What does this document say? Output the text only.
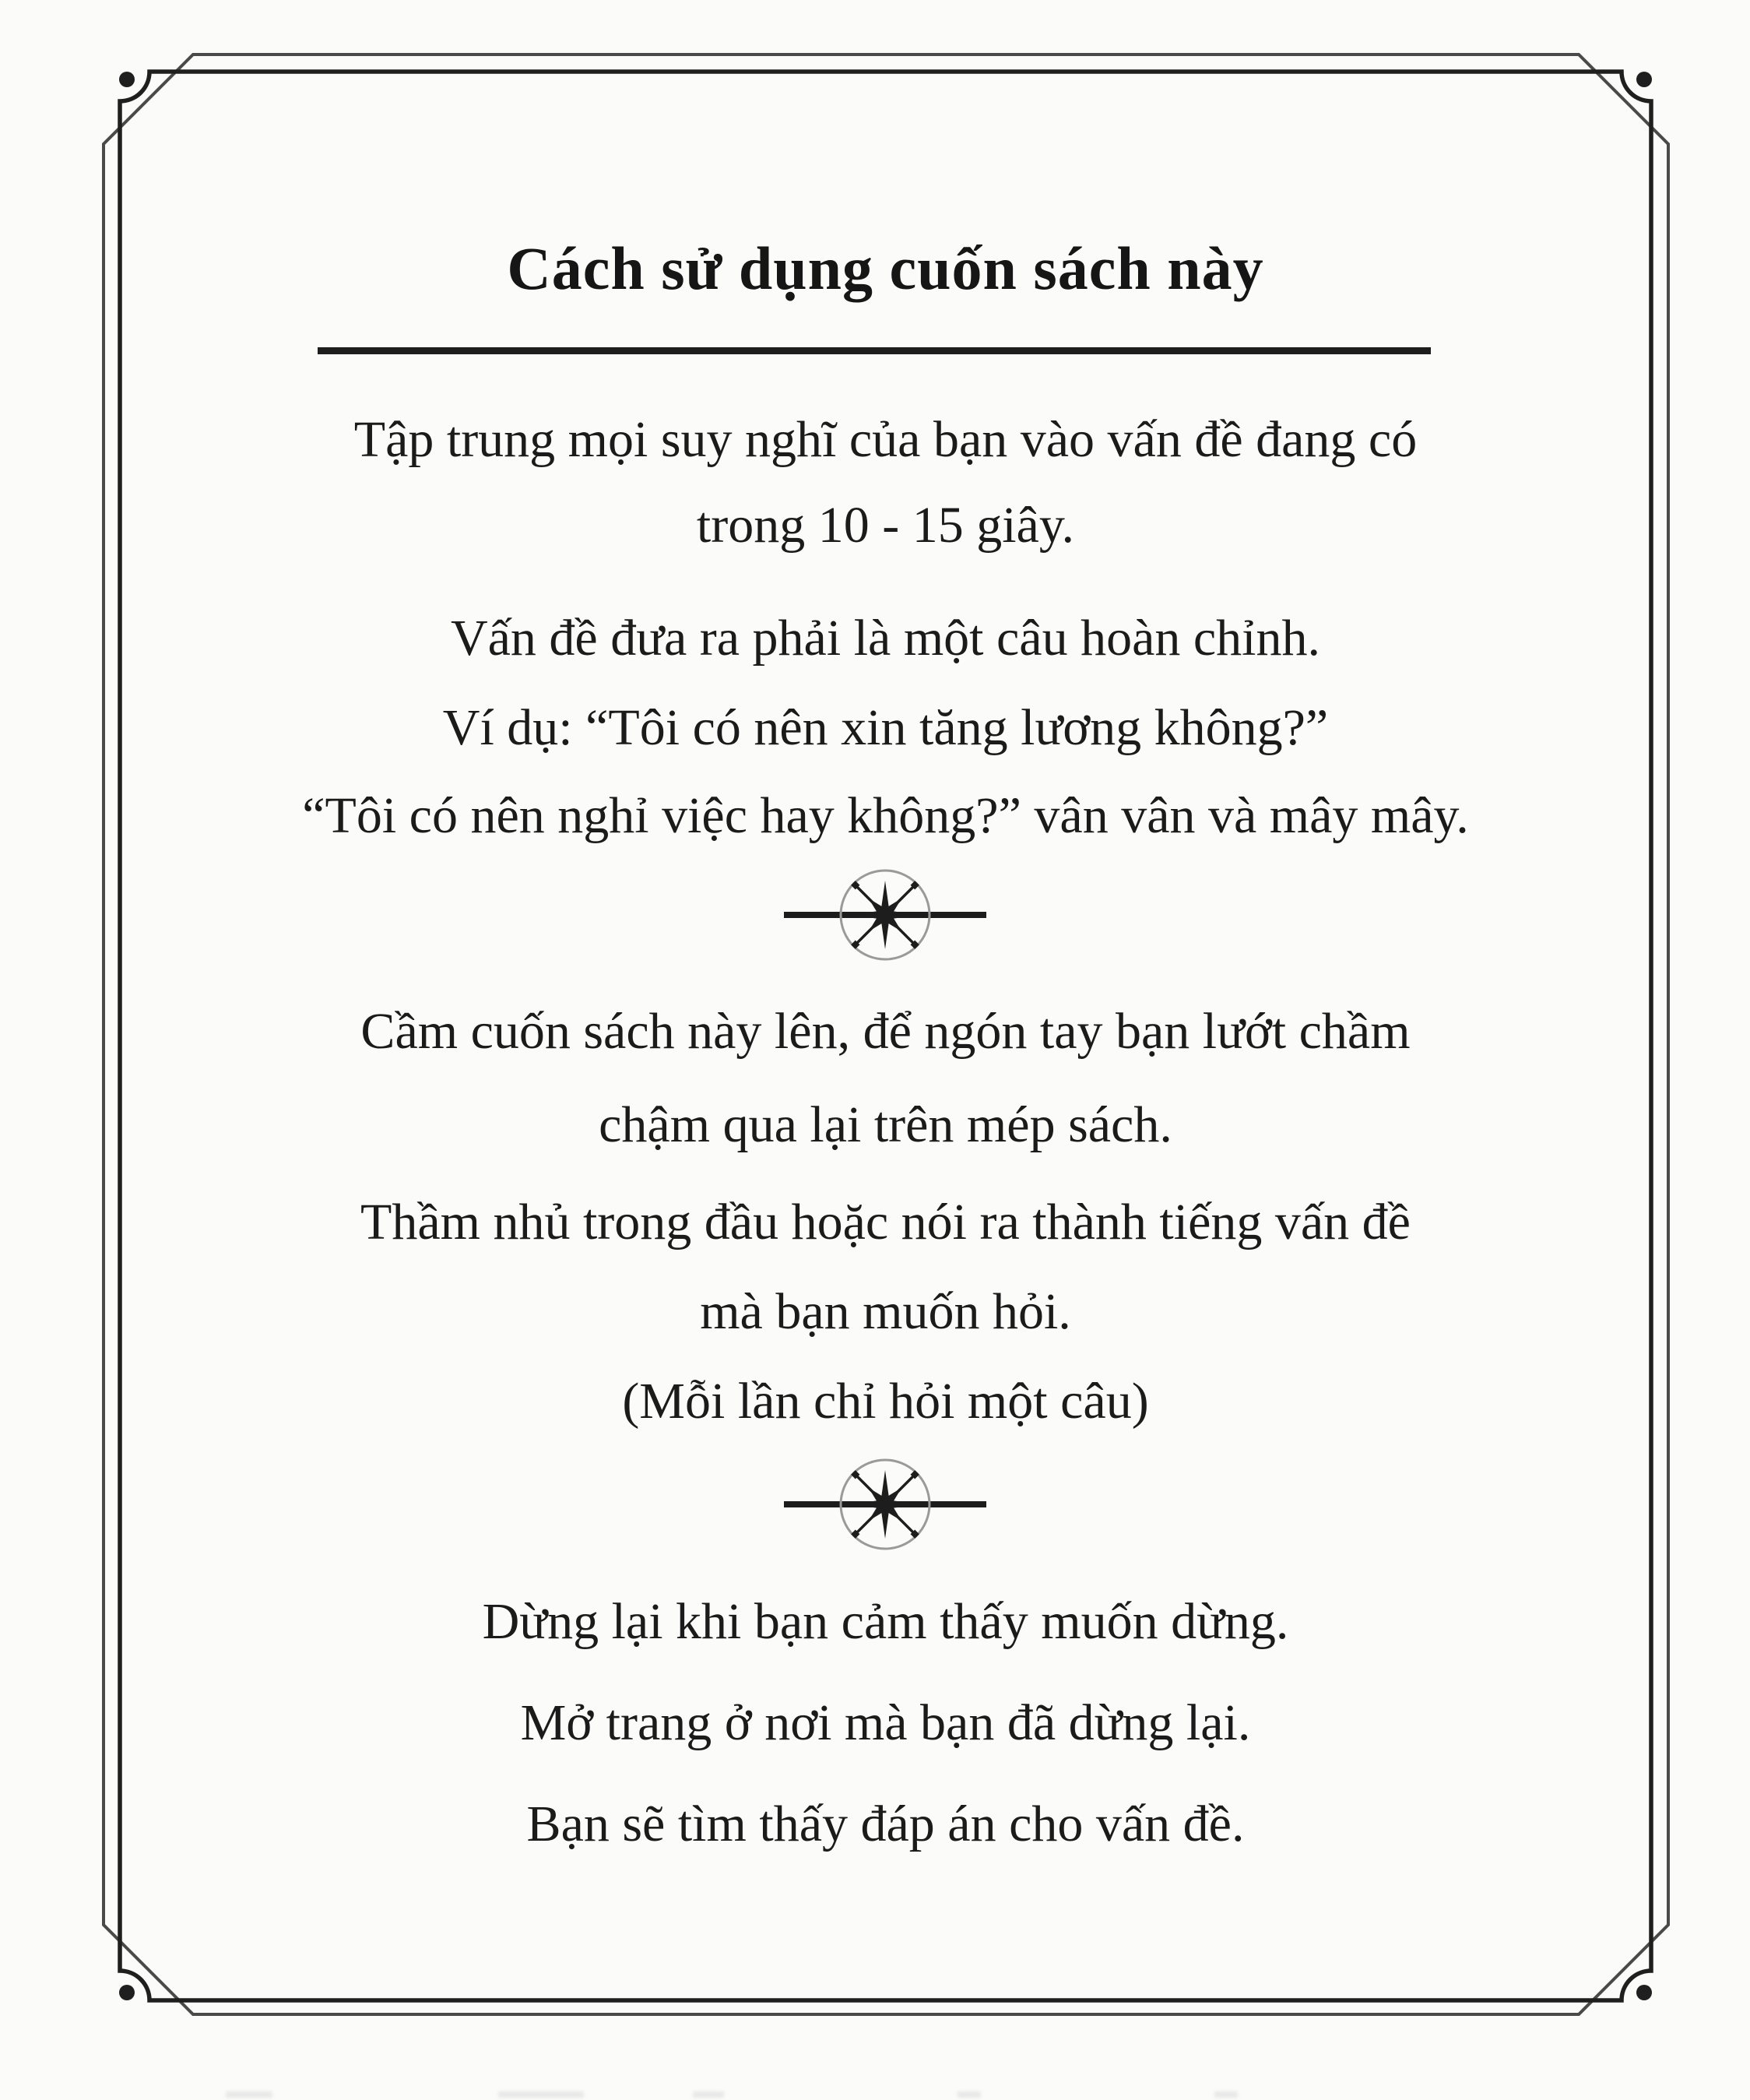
Cách sử dụng cuốn sách này
Tập trung mọi suy nghĩ của bạn vào vấn đề đang có
trong 10 - 15 giây.
Vấn đề đưa ra phải là một câu hoàn chỉnh.
Ví dụ: “Tôi có nên xin tăng lương không?”
“Tôi có nên nghỉ việc hay không?” vân vân và mây mây.
Cầm cuốn sách này lên, để ngón tay bạn lướt chầm
chậm qua lại trên mép sách.
Thầm nhủ trong đầu hoặc nói ra thành tiếng vấn đề
mà bạn muốn hỏi.
(Mỗi lần chỉ hỏi một câu)
Dừng lại khi bạn cảm thấy muốn dừng.
Mở trang ở nơi mà bạn đã dừng lại.
Bạn sẽ tìm thấy đáp án cho vấn đề.
